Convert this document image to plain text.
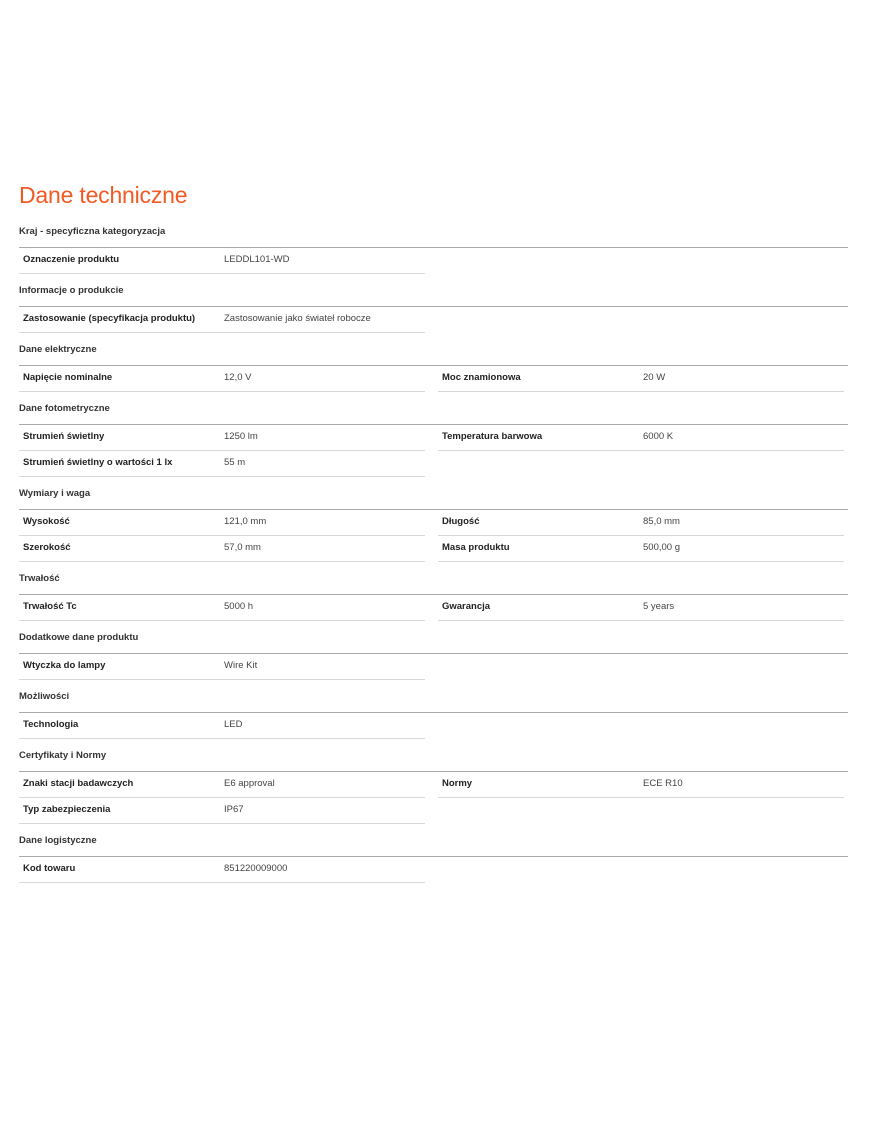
Dane techniczne
Kraj - specyficzna kategoryzacja
Oznaczenie produktu	LEDDL101-WD
Informacje o produkcie
Zastosowanie (specyfikacja produktu)	Zastosowanie jako świateł robocze
Dane elektryczne
Napięcie nominalne	12,0 V	Moc znamionowa	20 W
Dane fotometryczne
Strumień świetlny	1250 lm	Temperatura barwowa	6000 K
Strumień świetlny o wartości 1 lx	55 m
Wymiary i waga
Wysokość	121,0 mm	Długość	85,0 mm
Szerokość	57,0 mm	Masa produktu	500,00 g
Trwałość
Trwałość Tc	5000 h	Gwarancja	5 years
Dodatkowe dane produktu
Wtyczka do lampy	Wire Kit
Możliwości
Technologia	LED
Certyfikaty i Normy
Znaki stacji badawczych	E6 approval	Normy	ECE R10
Typ zabezpieczenia	IP67
Dane logistyczne
Kod towaru	851220009000
